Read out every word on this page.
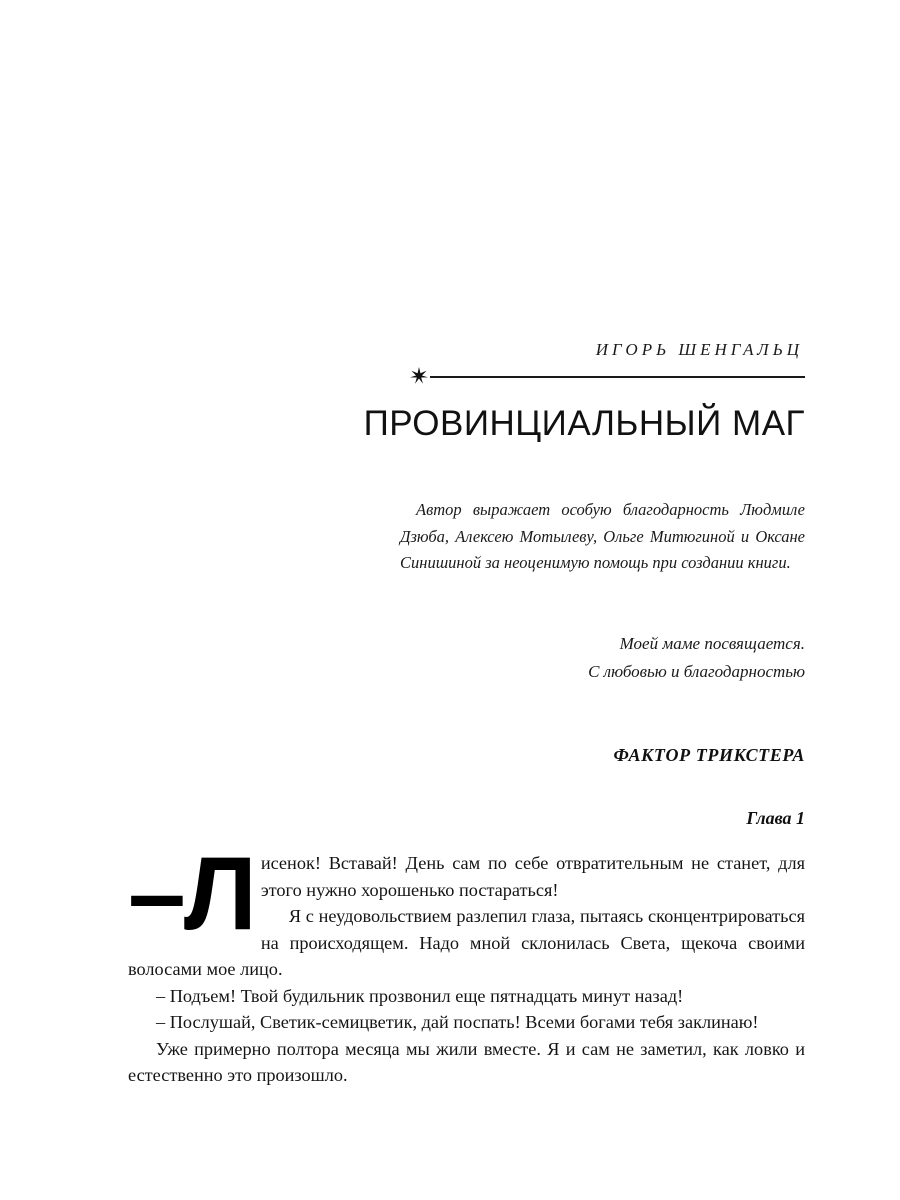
ИГОРЬ ШЕНГАЛЬЦ
ПРОВИНЦИАЛЬНЫЙ МАГ
Автор выражает особую благодарность Людмиле Дзюба, Алексею Мотылеву, Ольге Митюгиной и Оксане Синишиной за неоценимую помощь при создании книги.
Моей маме посвящается.
С любовью и благодарностью
ФАКТОР ТРИКСТЕРА
Глава 1
–Л исенок! Вставай! День сам по себе отвратительным не станет, для этого нужно хорошенько постараться!

Я с неудовольствием разлепил глаза, пытаясь сконцентрироваться на происходящем. Надо мной склонилась Света, щекоча своими волосами мое лицо.

– Подъем! Твой будильник прозвонил еще пятнадцать минут назад!

– Послушай, Светик-семицветик, дай поспать! Всеми богами тебя заклинаю!

Уже примерно полтора месяца мы жили вместе. Я и сам не заметил, как ловко и естественно это произошло.
